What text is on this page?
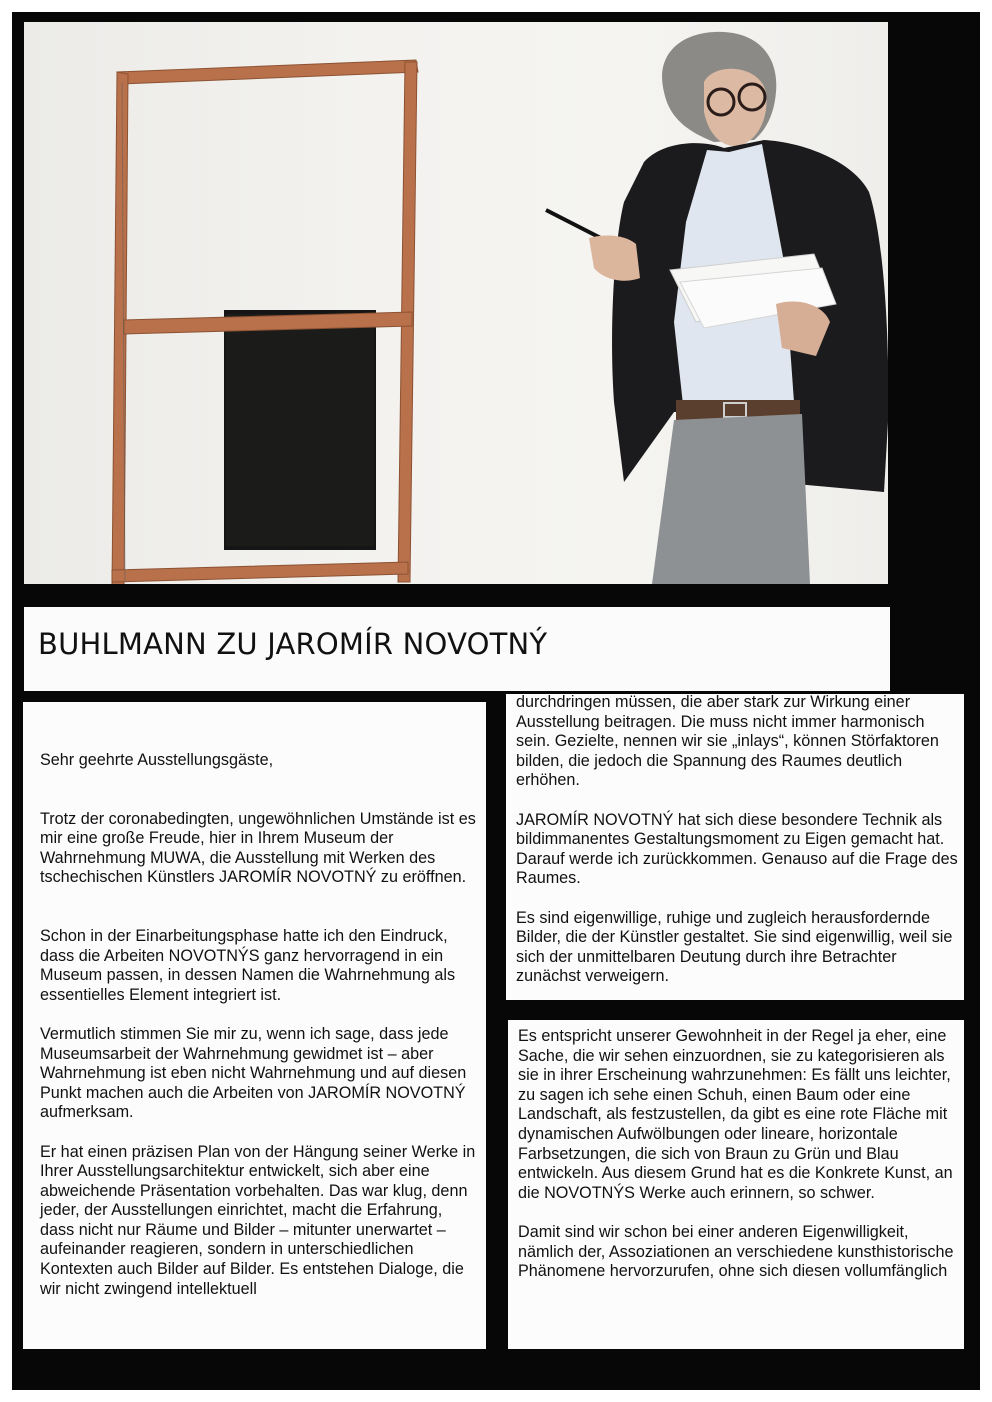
·
BUHLMANN ZU JAROMÍR NOVOTNÝ

Sehr geehrte Ausstellungsgäste,

Trotz der coronabedingten, ungewöhnlichen Umstände ist es mir eine große Freude, hier in Ihrem Museum der Wahrnehmung MUWA, die Ausstellung mit Werken des tschechischen Künstlers JAROMÍR NOVOTNÝ zu eröffnen.

Schon in der Einarbeitungsphase hatte ich den Eindruck, dass die Arbeiten NOVOTNÝS ganz hervorragend in ein Museum passen, in dessen Namen die Wahrnehmung als essentielles Element integriert ist.

Vermutlich stimmen Sie mir zu, wenn ich sage, dass jede Museumsarbeit der Wahrnehmung gewidmet ist – aber Wahrnehmung ist eben nicht Wahrnehmung und auf diesen Punkt machen auch die Arbeiten von JAROMÍR NOVOTNÝ aufmerksam.

Er hat einen präzisen Plan von der Hängung seiner Werke in Ihrer Ausstellungsarchitektur entwickelt, sich aber eine abweichende Präsentation vorbehalten. Das war klug, denn jeder, der Ausstellungen einrichtet, macht die Erfahrung, dass nicht nur Räume und Bilder – mitunter unerwartet – aufeinander reagieren, sondern in unterschiedlichen Kontexten auch Bilder auf Bilder. Es entstehen Dialoge, die wir nicht zwingend intellektuell

durchdringen müssen, die aber stark zur Wirkung einer Ausstellung beitragen. Die muss nicht immer harmonisch sein. Gezielte, nennen wir sie „inlays“, können Störfaktoren bilden, die jedoch die Spannung des Raumes deutlich erhöhen.

JAROMÍR NOVOTNÝ hat sich diese besondere Technik als bildimmanentes Gestaltungsmoment zu Eigen gemacht hat. Darauf werde ich zurückkommen. Genauso auf die Frage des Raumes.

Es sind eigenwillige, ruhige und zugleich herausfordernde Bilder, die der Künstler gestaltet. Sie sind eigenwillig, weil sie sich der unmittelbaren Deutung durch ihre Betrachter zunächst verweigern.

Es entspricht unserer Gewohnheit in der Regel ja eher, eine Sache, die wir sehen einzuordnen, sie zu kategorisieren als sie in ihrer Erscheinung wahrzunehmen: Es fällt uns leichter, zu sagen ich sehe einen Schuh, einen Baum oder eine Landschaft, als festzustellen, da gibt es eine rote Fläche mit dynamischen Aufwölbungen oder lineare, horizontale Farbsetzungen, die sich von Braun zu Grün und Blau entwickeln. Aus diesem Grund hat es die Konkrete Kunst, an die NOVOTNÝS Werke auch erinnern, so schwer.

Damit sind wir schon bei einer anderen Eigenwilligkeit, nämlich der, Assoziationen an verschiedene kunsthistorische Phänomene hervorzurufen, ohne sich diesen vollumfänglich
